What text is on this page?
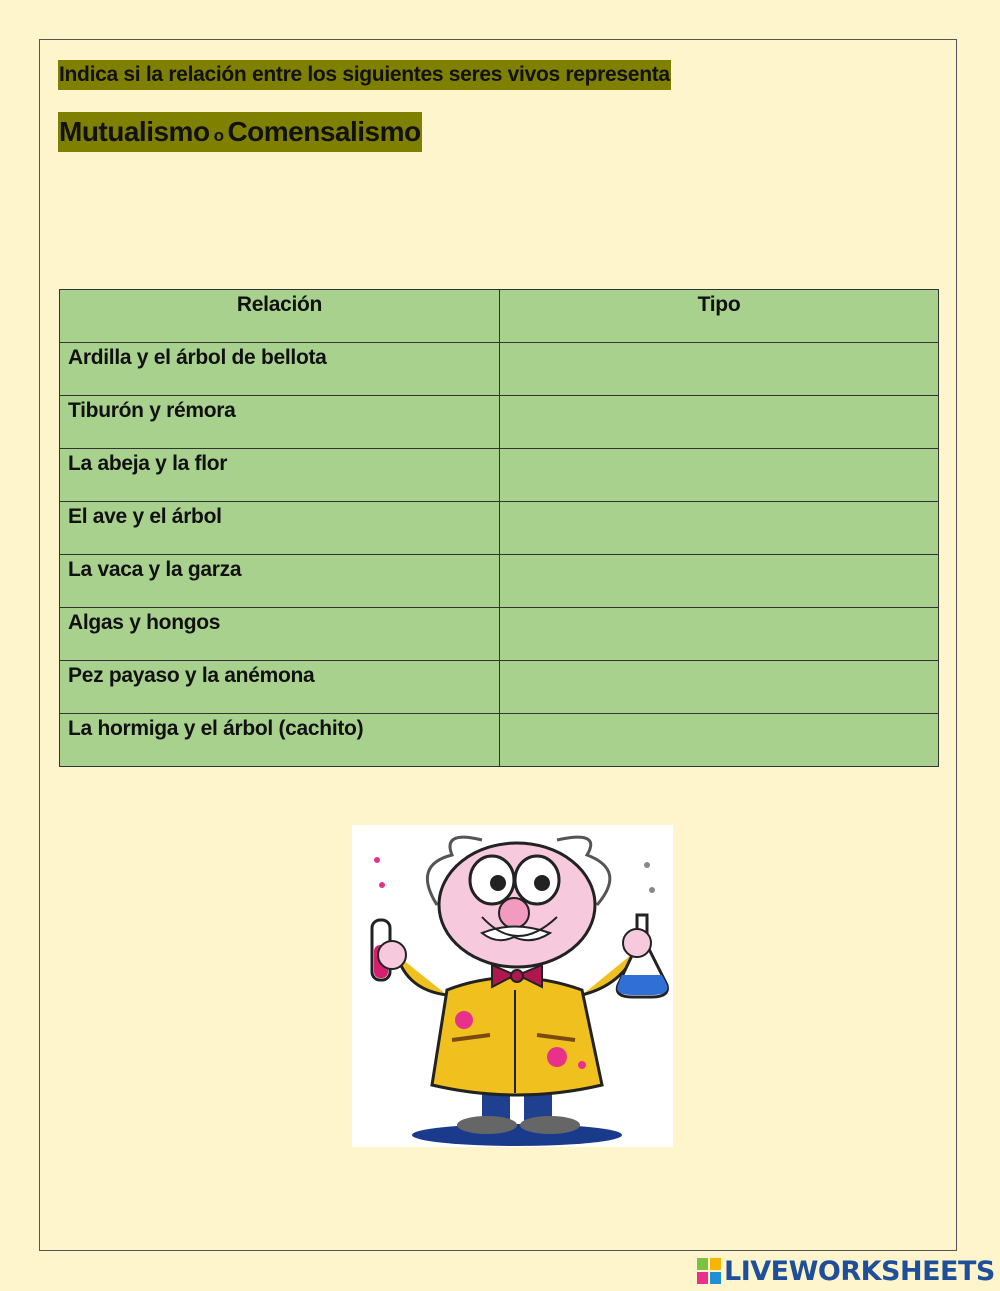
Indica si la relación entre los siguientes seres vivos representa
Mutualismo o Comensalismo
Relación	Tipo
Ardilla y el árbol de bellota	
Tiburón y rémora	
La abeja y la flor	
El ave y el árbol	
La vaca y la garza	
Algas y hongos	
Pez payaso y la anémona	
La hormiga y el árbol (cachito)	
LIVEWORKSHEETS
